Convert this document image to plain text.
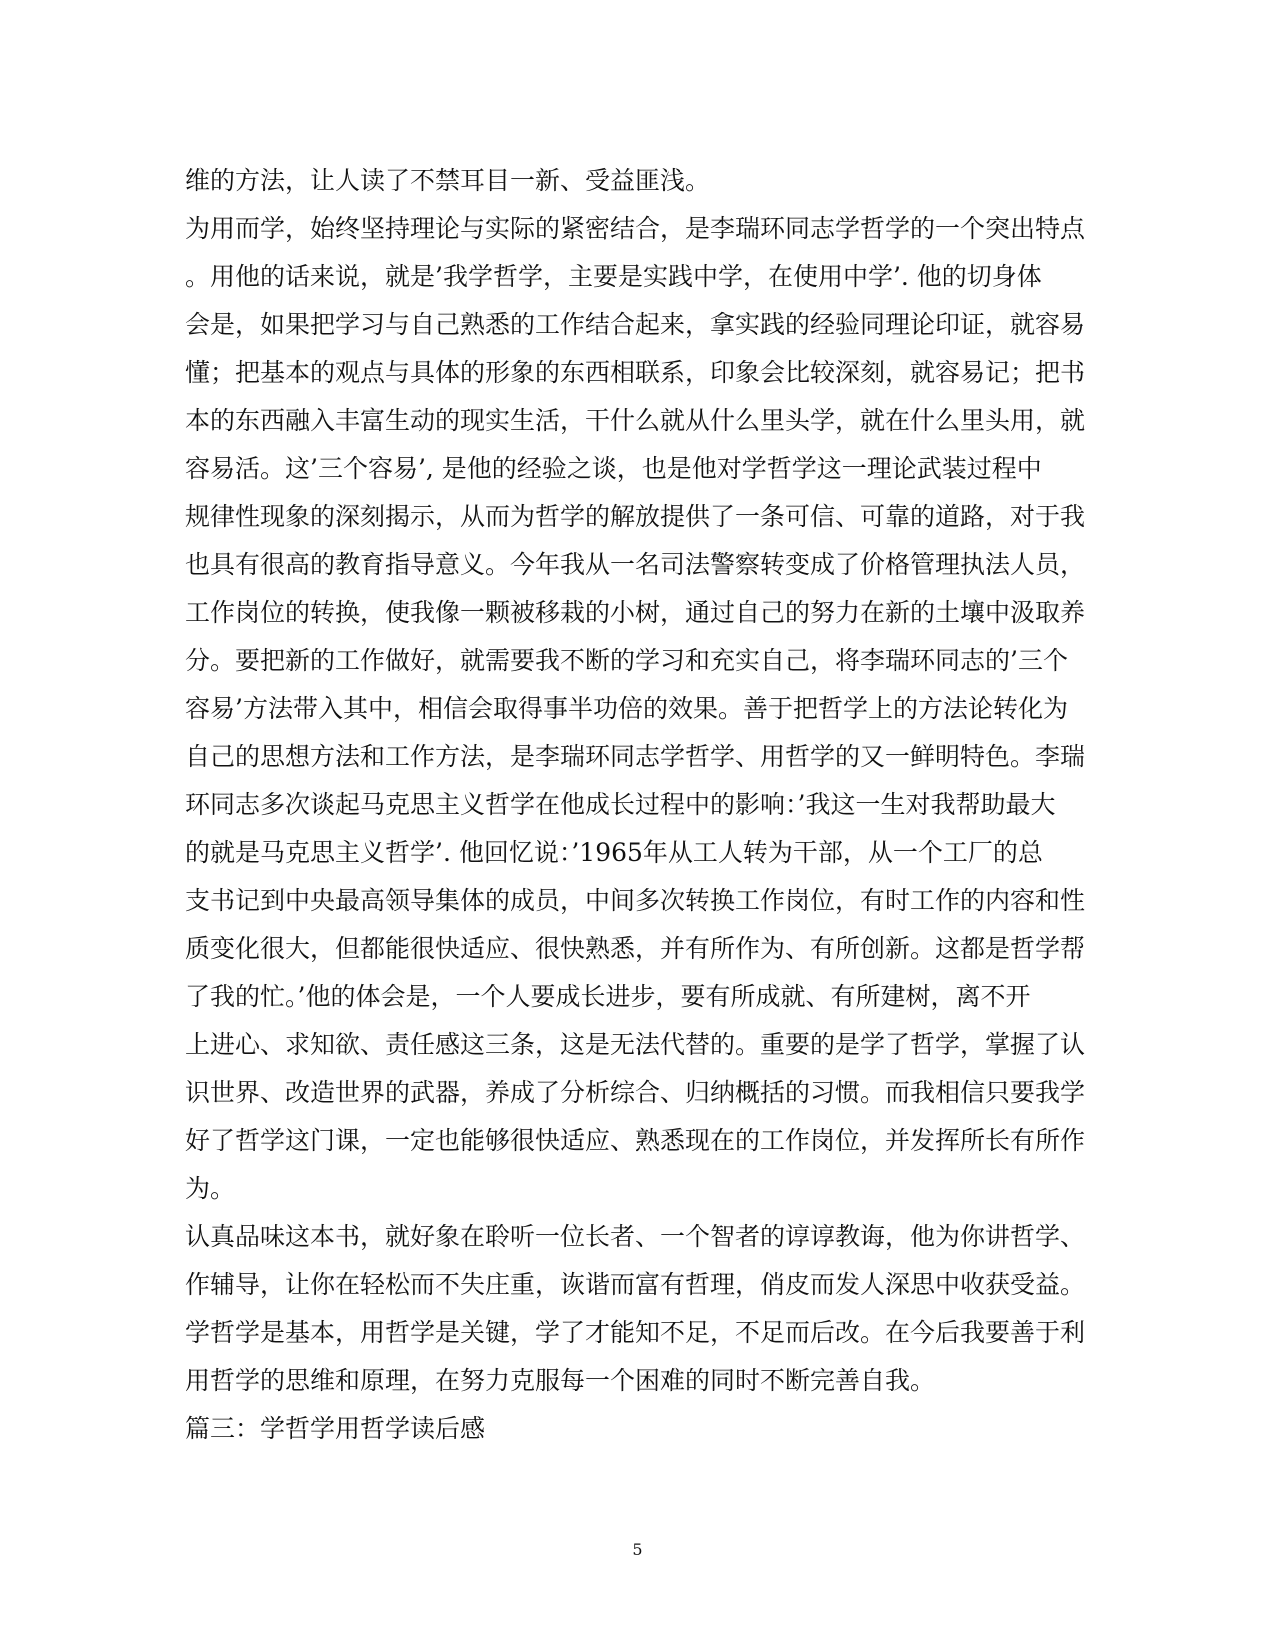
维的方法，让人读了不禁耳目一新、受益匪浅。
为用而学，始终坚持理论与实际的紧密结合，是李瑞环同志学哲学的一个突出特点
。用他的话来说，就是’我学哲学，主要是实践中学，在使用中学’. 他的切身体
会是，如果把学习与自己熟悉的工作结合起来，拿实践的经验同理论印证，就容易
懂；把基本的观点与具体的形象的东西相联系，印象会比较深刻，就容易记；把书
本的东西融入丰富生动的现实生活，干什么就从什么里头学，就在什么里头用，就
容易活。这’三个容易’, 是他的经验之谈，也是他对学哲学这一理论武装过程中
规律性现象的深刻揭示，从而为哲学的解放提供了一条可信、可靠的道路，对于我
也具有很高的教育指导意义。今年我从一名司法警察转变成了价格管理执法人员，
工作岗位的转换，使我像一颗被移栽的小树，通过自己的努力在新的土壤中汲取养
分。要把新的工作做好，就需要我不断的学习和充实自己，将李瑞环同志的’三个
容易’方法带入其中，相信会取得事半功倍的效果。善于把哲学上的方法论转化为
自己的思想方法和工作方法，是李瑞环同志学哲学、用哲学的又一鲜明特色。李瑞
环同志多次谈起马克思主义哲学在他成长过程中的影响：’我这一生对我帮助最大
的就是马克思主义哲学’. 他回忆说：’1965年从工人转为干部，从一个工厂的总
支书记到中央最高领导集体的成员，中间多次转换工作岗位，有时工作的内容和性
质变化很大，但都能很快适应、很快熟悉，并有所作为、有所创新。这都是哲学帮
了我的忙。’他的体会是，一个人要成长进步，要有所成就、有所建树，离不开
上进心、求知欲、责任感这三条，这是无法代替的。重要的是学了哲学，掌握了认
识世界、改造世界的武器，养成了分析综合、归纳概括的习惯。而我相信只要我学
好了哲学这门课，一定也能够很快适应、熟悉现在的工作岗位，并发挥所长有所作
为。
认真品味这本书，就好象在聆听一位长者、一个智者的谆谆教诲，他为你讲哲学、
作辅导，让你在轻松而不失庄重，诙谐而富有哲理，俏皮而发人深思中收获受益。
学哲学是基本，用哲学是关键，学了才能知不足，不足而后改。在今后我要善于利
用哲学的思维和原理，在努力克服每一个困难的同时不断完善自我。
篇三：学哲学用哲学读后感
5
